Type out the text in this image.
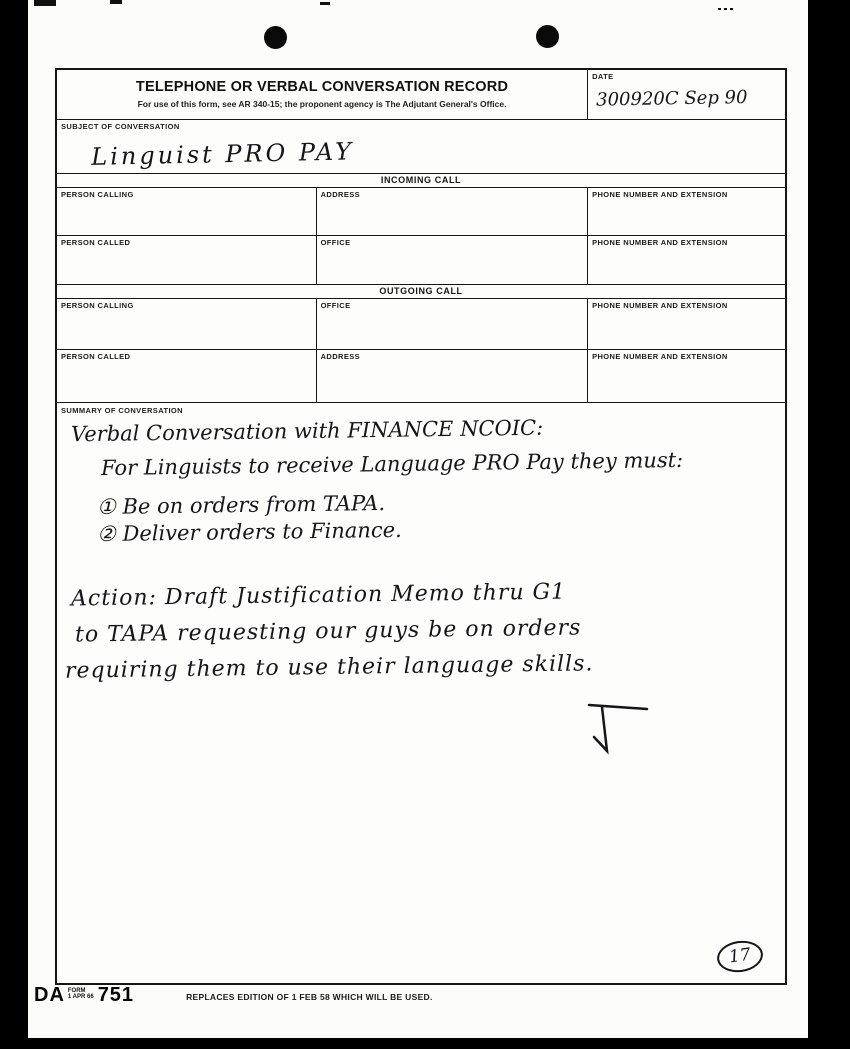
TELEPHONE OR VERBAL CONVERSATION RECORD
For use of this form, see AR 340-15; the proponent agency is The Adjutant General's Office.
DATE
300920C Sep 90
SUBJECT OF CONVERSATION
Linguist PRO PAY
INCOMING CALL
PERSON CALLING	ADDRESS	PHONE NUMBER AND EXTENSION
PERSON CALLED	OFFICE	PHONE NUMBER AND EXTENSION
OUTGOING CALL
PERSON CALLING	OFFICE	PHONE NUMBER AND EXTENSION
PERSON CALLED	ADDRESS	PHONE NUMBER AND EXTENSION
SUMMARY OF CONVERSATION
Verbal Conversation with FINANCE NCOIC:
For Linguists to receive Language PRO Pay they must:
① Be on orders from TAPA.
② Deliver orders to Finance.
Action: Draft Justification Memo thru G1
to TAPA requesting our guys be on orders
requiring them to use their language skills.
17
DA FORM
1 APR 66 751	REPLACES EDITION OF 1 FEB 58 WHICH WILL BE USED.
